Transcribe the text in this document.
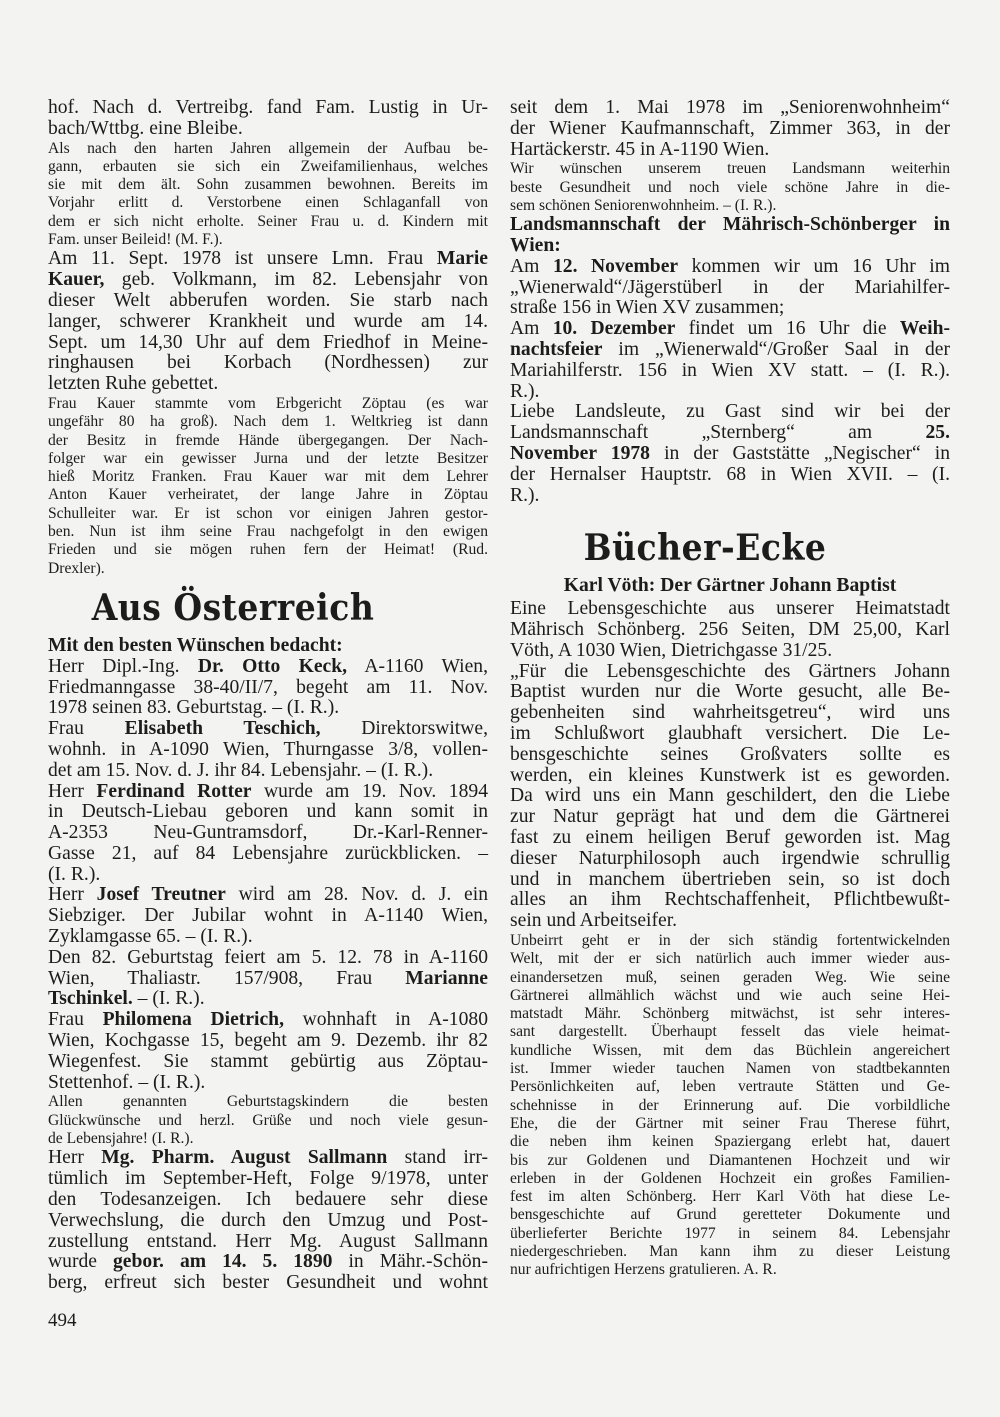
hof. Nach d. Vertreibg. fand Fam. Lustig in Ur-
bach/Wttbg. eine Bleibe.
Als nach den harten Jahren allgemein der Aufbau be-
gann, erbauten sie sich ein Zweifamilienhaus, welches
sie mit dem ält. Sohn zusammen bewohnen. Bereits im
Vorjahr erlitt d. Verstorbene einen Schlaganfall von
dem er sich nicht erholte. Seiner Frau u. d. Kindern mit
Fam. unser Beileid! (M. F.).
Am 11. Sept. 1978 ist unsere Lmn. Frau Marie
Kauer, geb. Volkmann, im 82. Lebensjahr von
dieser Welt abberufen worden. Sie starb nach
langer, schwerer Krankheit und wurde am 14.
Sept. um 14,30 Uhr auf dem Friedhof in Meine-
ringhausen bei Korbach (Nordhessen) zur
letzten Ruhe gebettet.
Frau Kauer stammte vom Erbgericht Zöptau (es war
ungefähr 80 ha groß). Nach dem 1. Weltkrieg ist dann
der Besitz in fremde Hände übergegangen. Der Nach-
folger war ein gewisser Jurna und der letzte Besitzer
hieß Moritz Franken. Frau Kauer war mit dem Lehrer
Anton Kauer verheiratet, der lange Jahre in Zöptau
Schulleiter war. Er ist schon vor einigen Jahren gestor-
ben. Nun ist ihm seine Frau nachgefolgt in den ewigen
Frieden und sie mögen ruhen fern der Heimat! (Rud.
Drexler).
Aus Österreich
Mit den besten Wünschen bedacht:
Herr Dipl.-Ing. Dr. Otto Keck, A-1160 Wien,
Friedmanngasse 38-40/II/7, begeht am 11. Nov.
1978 seinen 83. Geburtstag. – (I. R.).
Frau Elisabeth Teschich, Direktorswitwe,
wohnh. in A-1090 Wien, Thurngasse 3/8, vollen-
det am 15. Nov. d. J. ihr 84. Lebensjahr. – (I. R.).
Herr Ferdinand Rotter wurde am 19. Nov. 1894
in Deutsch-Liebau geboren und kann somit in
A-2353 Neu-Guntramsdorf, Dr.-Karl-Renner-
Gasse 21, auf 84 Lebensjahre zurückblicken. –
(I. R.).
Herr Josef Treutner wird am 28. Nov. d. J. ein
Siebziger. Der Jubilar wohnt in A-1140 Wien,
Zyklamgasse 65. – (I. R.).
Den 82. Geburtstag feiert am 5. 12. 78 in A-1160
Wien, Thaliastr. 157/908, Frau Marianne
Tschinkel. – (I. R.).
Frau Philomena Dietrich, wohnhaft in A-1080
Wien, Kochgasse 15, begeht am 9. Dezemb. ihr 82
Wiegenfest. Sie stammt gebürtig aus Zöptau-
Stettenhof. – (I. R.).
Allen genannten Geburtstagskindern die besten
Glückwünsche und herzl. Grüße und noch viele gesun-
de Lebensjahre! (I. R.).
Herr Mg. Pharm. August Sallmann stand irr-
tümlich im September-Heft, Folge 9/1978, unter
den Todesanzeigen. Ich bedauere sehr diese
Verwechslung, die durch den Umzug und Post-
zustellung entstand. Herr Mg. August Sallmann
wurde gebor. am 14. 5. 1890 in Mähr.-Schön-
berg, erfreut sich bester Gesundheit und wohnt
seit dem 1. Mai 1978 im „Seniorenwohnheim“
der Wiener Kaufmannschaft, Zimmer 363, in der
Hartäckerstr. 45 in A-1190 Wien.
Wir wünschen unserem treuen Landsmann weiterhin
beste Gesundheit und noch viele schöne Jahre in die-
sem schönen Seniorenwohnheim. – (I. R.).
Landsmannschaft der Mährisch-Schönberger in
Wien:
Am 12. November kommen wir um 16 Uhr im
„Wienerwald“/Jägerstüberl in der Mariahilfer-
straße 156 in Wien XV zusammen;
Am 10. Dezember findet um 16 Uhr die Weih-
nachtsfeier im „Wienerwald“/Großer Saal in der
Mariahilferstr. 156 in Wien XV statt. – (I. R.).
R.).
Liebe Landsleute, zu Gast sind wir bei der
Landsmannschaft „Sternberg“ am 25.
November 1978 in der Gaststätte „Negischer“ in
der Hernalser Hauptstr. 68 in Wien XVII. – (I.
R.).
Bücher-Ecke
Karl Vöth: Der Gärtner Johann Baptist
Eine Lebensgeschichte aus unserer Heimatstadt
Mährisch Schönberg. 256 Seiten, DM 25,00, Karl
Vöth, A 1030 Wien, Dietrichgasse 31/25.
„Für die Lebensgeschichte des Gärtners Johann
Baptist wurden nur die Worte gesucht, alle Be-
gebenheiten sind wahrheitsgetreu“, wird uns
im Schlußwort glaubhaft versichert. Die Le-
bensgeschichte seines Großvaters sollte es
werden, ein kleines Kunstwerk ist es geworden.
Da wird uns ein Mann geschildert, den die Liebe
zur Natur geprägt hat und dem die Gärtnerei
fast zu einem heiligen Beruf geworden ist. Mag
dieser Naturphilosoph auch irgendwie schrullig
und in manchem übertrieben sein, so ist doch
alles an ihm Rechtschaffenheit, Pflichtbewußt-
sein und Arbeitseifer.
Unbeirrt geht er in der sich ständig fortentwickelnden
Welt, mit der er sich natürlich auch immer wieder aus-
einandersetzen muß, seinen geraden Weg. Wie seine
Gärtnerei allmählich wächst und wie auch seine Hei-
matstadt Mähr. Schönberg mitwächst, ist sehr interes-
sant dargestellt. Überhaupt fesselt das viele heimat-
kundliche Wissen, mit dem das Büchlein angereichert
ist. Immer wieder tauchen Namen von stadtbekannten
Persönlichkeiten auf, leben vertraute Stätten und Ge-
schehnisse in der Erinnerung auf. Die vorbildliche
Ehe, die der Gärtner mit seiner Frau Therese führt,
die neben ihm keinen Spaziergang erlebt hat, dauert
bis zur Goldenen und Diamantenen Hochzeit und wir
erleben in der Goldenen Hochzeit ein großes Familien-
fest im alten Schönberg. Herr Karl Vöth hat diese Le-
bensgeschichte auf Grund geretteter Dokumente und
überlieferter Berichte 1977 in seinem 84. Lebensjahr
niedergeschrieben. Man kann ihm zu dieser Leistung
nur aufrichtigen Herzens gratulieren. A. R.
494
